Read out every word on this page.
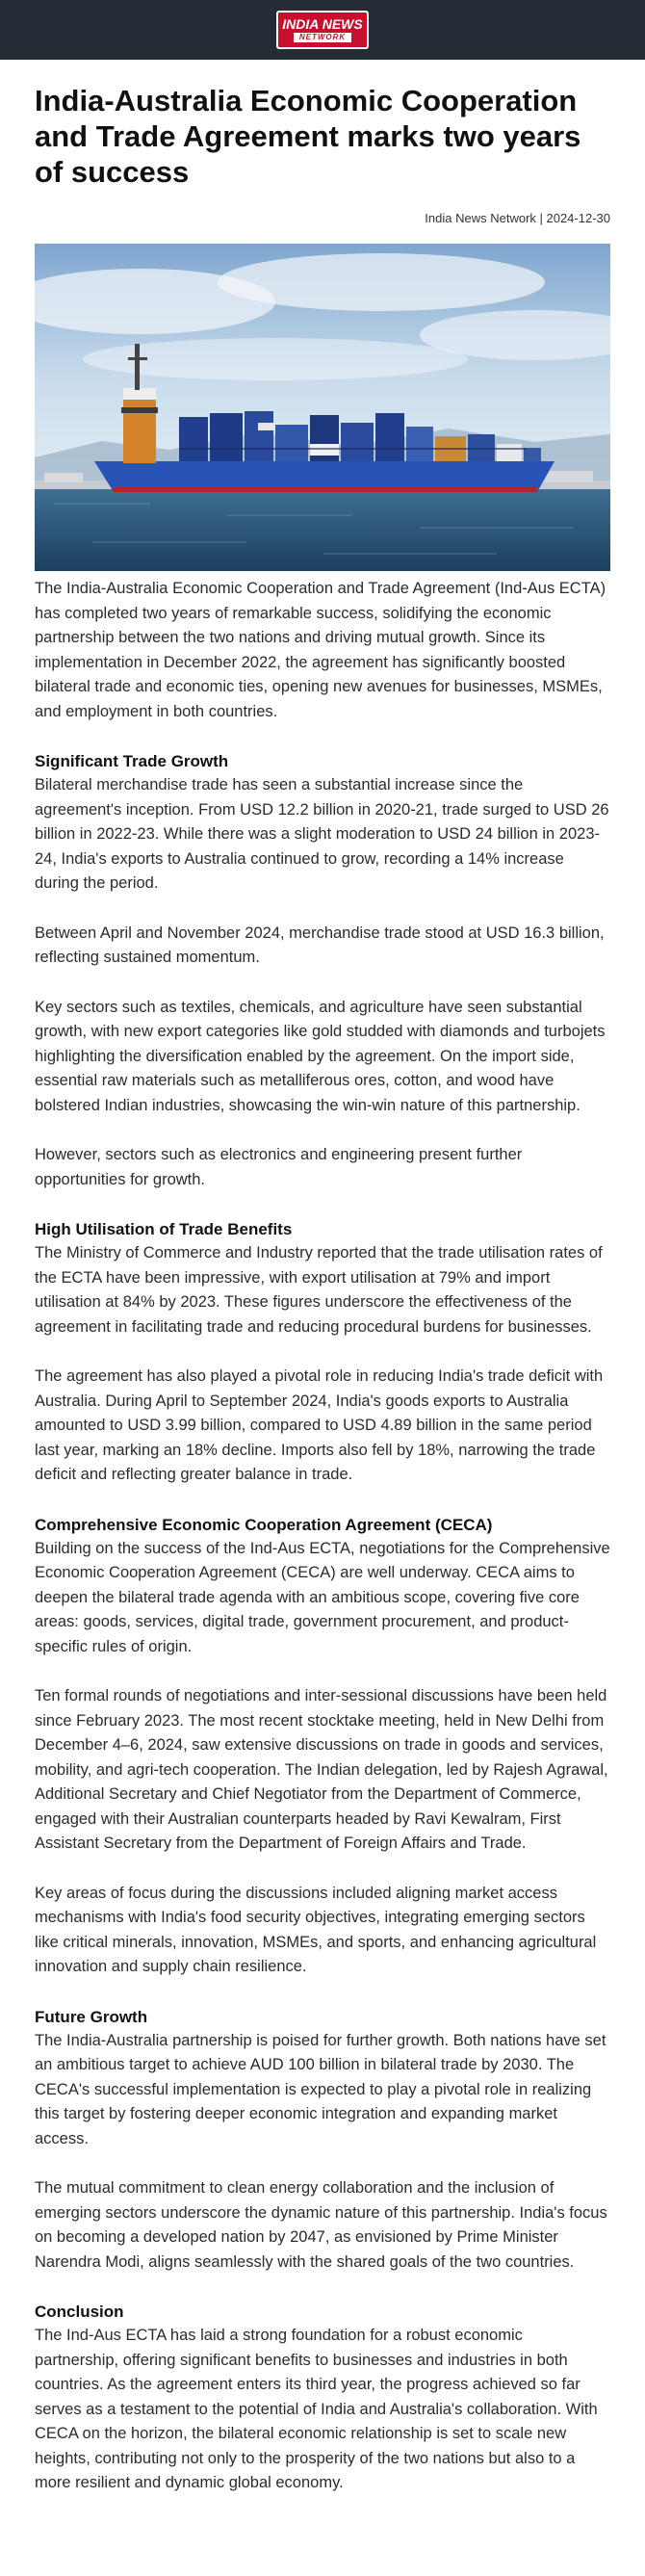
INDIA NEWS
NETWORK
India-Australia Economic Cooperation and Trade Agreement marks two years of success
India News Network | 2024-12-30

The India-Australia Economic Cooperation and Trade Agreement (Ind-Aus ECTA) has completed two years of remarkable success, solidifying the economic partnership between the two nations and driving mutual growth. Since its implementation in December 2022, the agreement has significantly boosted bilateral trade and economic ties, opening new avenues for businesses, MSMEs, and employment in both countries.

Significant Trade Growth

Bilateral merchandise trade has seen a substantial increase since the agreement's inception. From USD 12.2 billion in 2020-21, trade surged to USD 26 billion in 2022-23. While there was a slight moderation to USD 24 billion in 2023-24, India's exports to Australia continued to grow, recording a 14% increase during the period.

Between April and November 2024, merchandise trade stood at USD 16.3 billion, reflecting sustained momentum.

Key sectors such as textiles, chemicals, and agriculture have seen substantial growth, with new export categories like gold studded with diamonds and turbojets highlighting the diversification enabled by the agreement. On the import side, essential raw materials such as metalliferous ores, cotton, and wood have bolstered Indian industries, showcasing the win-win nature of this partnership.

However, sectors such as electronics and engineering present further opportunities for growth.

High Utilisation of Trade Benefits

The Ministry of Commerce and Industry reported that the trade utilisation rates of the ECTA have been impressive, with export utilisation at 79% and import utilisation at 84% by 2023. These figures underscore the effectiveness of the agreement in facilitating trade and reducing procedural burdens for businesses.

The agreement has also played a pivotal role in reducing India's trade deficit with Australia. During April to September 2024, India's goods exports to Australia amounted to USD 3.99 billion, compared to USD 4.89 billion in the same period last year, marking an 18% decline. Imports also fell by 18%, narrowing the trade deficit and reflecting greater balance in trade.

Comprehensive Economic Cooperation Agreement (CECA)

Building on the success of the Ind-Aus ECTA, negotiations for the Comprehensive Economic Cooperation Agreement (CECA) are well underway. CECA aims to deepen the bilateral trade agenda with an ambitious scope, covering five core areas: goods, services, digital trade, government procurement, and product-specific rules of origin.

Ten formal rounds of negotiations and inter-sessional discussions have been held since February 2023. The most recent stocktake meeting, held in New Delhi from December 4–6, 2024, saw extensive discussions on trade in goods and services, mobility, and agri-tech cooperation. The Indian delegation, led by Rajesh Agrawal, Additional Secretary and Chief Negotiator from the Department of Commerce, engaged with their Australian counterparts headed by Ravi Kewalram, First Assistant Secretary from the Department of Foreign Affairs and Trade.

Key areas of focus during the discussions included aligning market access mechanisms with India's food security objectives, integrating emerging sectors like critical minerals, innovation, MSMEs, and sports, and enhancing agricultural innovation and supply chain resilience.

Future Growth

The India-Australia partnership is poised for further growth. Both nations have set an ambitious target to achieve AUD 100 billion in bilateral trade by 2030. The CECA's successful implementation is expected to play a pivotal role in realizing this target by fostering deeper economic integration and expanding market access.

The mutual commitment to clean energy collaboration and the inclusion of emerging sectors underscore the dynamic nature of this partnership. India's focus on becoming a developed nation by 2047, as envisioned by Prime Minister Narendra Modi, aligns seamlessly with the shared goals of the two countries.

Conclusion

The Ind-Aus ECTA has laid a strong foundation for a robust economic partnership, offering significant benefits to businesses and industries in both countries. As the agreement enters its third year, the progress achieved so far serves as a testament to the potential of India and Australia's collaboration. With CECA on the horizon, the bilateral economic relationship is set to scale new heights, contributing not only to the prosperity of the two nations but also to a more resilient and dynamic global economy.
